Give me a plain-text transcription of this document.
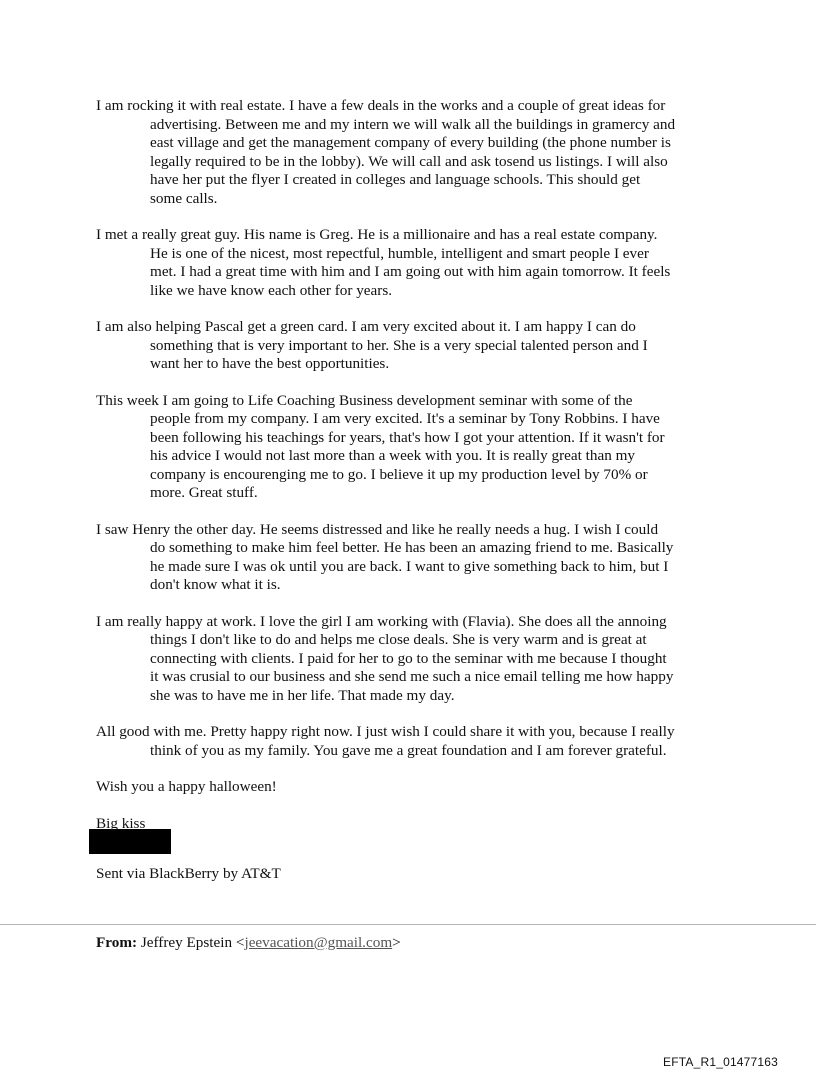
I am rocking it with real estate. I have a few deals in the works and a couple of great ideas for advertising. Between me and my intern we will walk all the buildings in gramercy and east village and get the management company of every building (the phone number is legally required to be in the lobby). We will call and ask tosend us listings. I will also have her put the flyer I created in colleges and language schools. This should get some calls.

I met a really great guy. His name is Greg. He is a millionaire and has a real estate company. He is one of the nicest, most repectful, humble, intelligent and smart people I ever met. I had a great time with him and I am going out with him again tomorrow. It feels like we have know each other for years.

I am also helping Pascal get a green card. I am very excited about it. I am happy I can do something that is very important to her. She is a very special talented person and I want her to have the best opportunities.

This week I am going to Life Coaching Business development seminar with some of the people from my company. I am very excited. It's a seminar by Tony Robbins. I have been following his teachings for years, that's how I got your attention. If it wasn't for his advice I would not last more than a week with you. It is really great than my company is encourenging me to go. I believe it up my production level by 70% or more. Great stuff.

I saw Henry the other day. He seems distressed and like he really needs a hug. I wish I could do something to make him feel better. He has been an amazing friend to me. Basically he made sure I was ok until you are back. I want to give something back to him, but I don't know what it is.

I am really happy at work. I love the girl I am working with (Flavia). She does all the annoing things I don't like to do and helps me close deals. She is very warm and is great at connecting with clients. I paid for her to go to the seminar with me because I thought it was crusial to our business and she send me such a nice email telling me how happy she was to have me in her life. That made my day.

All good with me. Pretty happy right now. I just wish I could share it with you, because I really think of you as my family. You gave me a great foundation and I am forever grateful.

Wish you a happy halloween!

Big kiss

Sent via BlackBerry by AT&T

From: Jeffrey Epstein <jeevacation@gmail.com>
EFTA_R1_01477163
